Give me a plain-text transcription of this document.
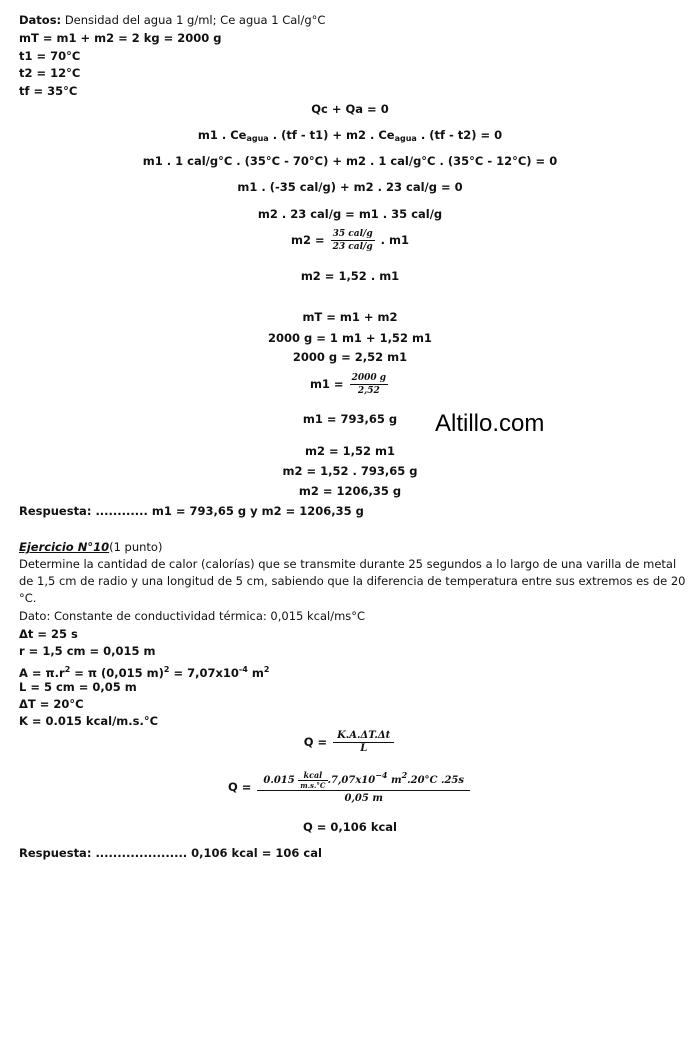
Datos: Densidad del agua 1 g/ml; Ce agua 1 Cal/g°C
mT = m1 + m2 = 2 kg = 2000 g
t1 = 70°C
t2 = 12°C
tf = 35°C
Qc + Qa = 0
m1 . $Ce_{agua}$ . (tf - t1) + m2 . $Ce_{agua}$ . (tf - t2) = 0
m1 . 1 cal/g°C . (35°C - 70°C) + m2 . 1 cal/g°C . (35°C - 12°C) = 0
m1 . (-35 cal/g) + m2 . 23 cal/g = 0
m2 . 23 cal/g = m1 . 35 cal/g
$m2 = \frac{\text{35 cal/g}}{\text{23 cal/g}}$ . m1
m2 = 1,52 . m1
mT = m1 + m2
2000 g = 1 m1 + 1,52 m1
2000 g = 2,52 m1
$m1 = \frac{2000 g}{2,52}$
m1 = 793,65 g
m2 = 1,52 m1
m2 = 1,52 . 793,65 g
m2 = 1206,35 g
Altillo.com
Respuesta: ............ m1 = 793,65 g y m2 = 1206,35 g
Ejercicio N°10(1 punto)
Determine la cantidad de calor (calorías) que se transmite durante 25 segundos a lo largo de una varilla de metal
de 1,5 cm de radio y una longitud de 5 cm, sabiendo que la diferencia de temperatura entre sus extremos es de 20
°C.
Dato: Constante de conductividad térmica: 0,015 kcal/ms°C
Δt = 25 s
r = 1,5 cm = 0,015 m
$A = \pi.r^2 = \pi$ (0,015 $m)^2 = 7,07x10^{-4}$ $m^2$
L = 5 cm = 0,05 m
ΔT = 20°C
K = 0.015 kcal/m.s.°C
$Q = \frac{K.A.\Delta T.\Delta t}{L}$
$Q = 0.015 \frac{\text{kcal}}{m.s.^\circ C} .7,07x10^{-4}$ $m^2.20^\circ C$ .25s
0,05 m
Q = 0,106 kcal
Respuesta: ..................... 0,106 kcal = 106 cal
